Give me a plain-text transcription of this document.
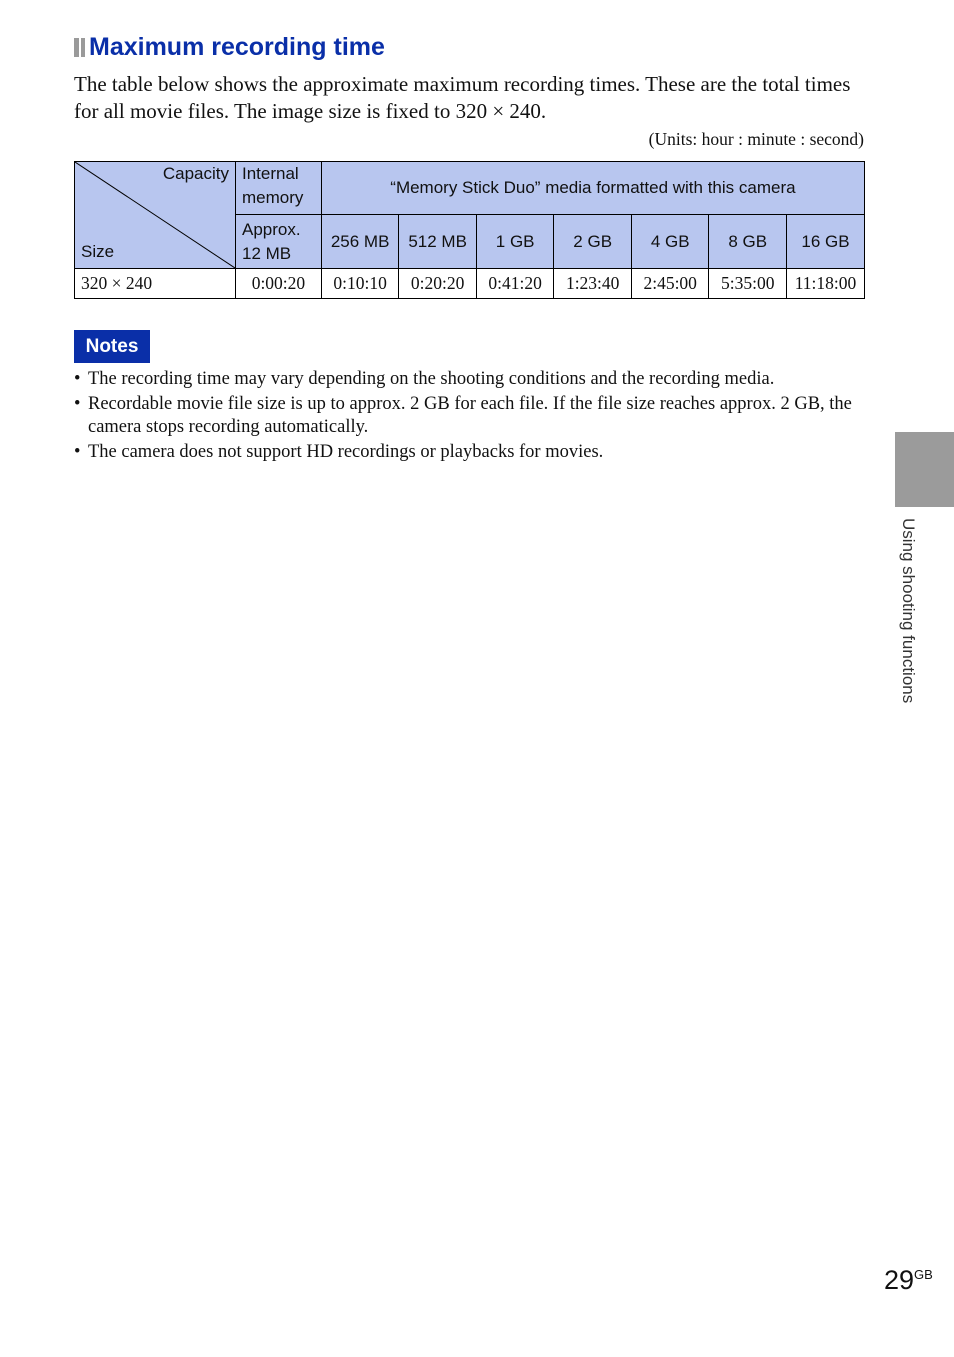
Maximum recording time
The table below shows the approximate maximum recording times. These are the total times for all movie files. The image size is fixed to 320 × 240.
(Units: hour : minute : second)
Capacity
Size	Internal memory	“Memory Stick Duo” media formatted with this camera						
	Approx. 12 MB	256 MB	512 MB	1 GB	2 GB	4 GB	8 GB	16 GB
320 × 240	0:00:20	0:10:10	0:20:20	0:41:20	1:23:40	2:45:00	5:35:00	11:18:00
Notes
• The recording time may vary depending on the shooting conditions and the recording media.
• Recordable movie file size is up to approx. 2 GB for each file. If the file size reaches approx. 2 GB, the camera stops recording automatically.
• The camera does not support HD recordings or playbacks for movies.
Using shooting functions
$29^{GB}$
